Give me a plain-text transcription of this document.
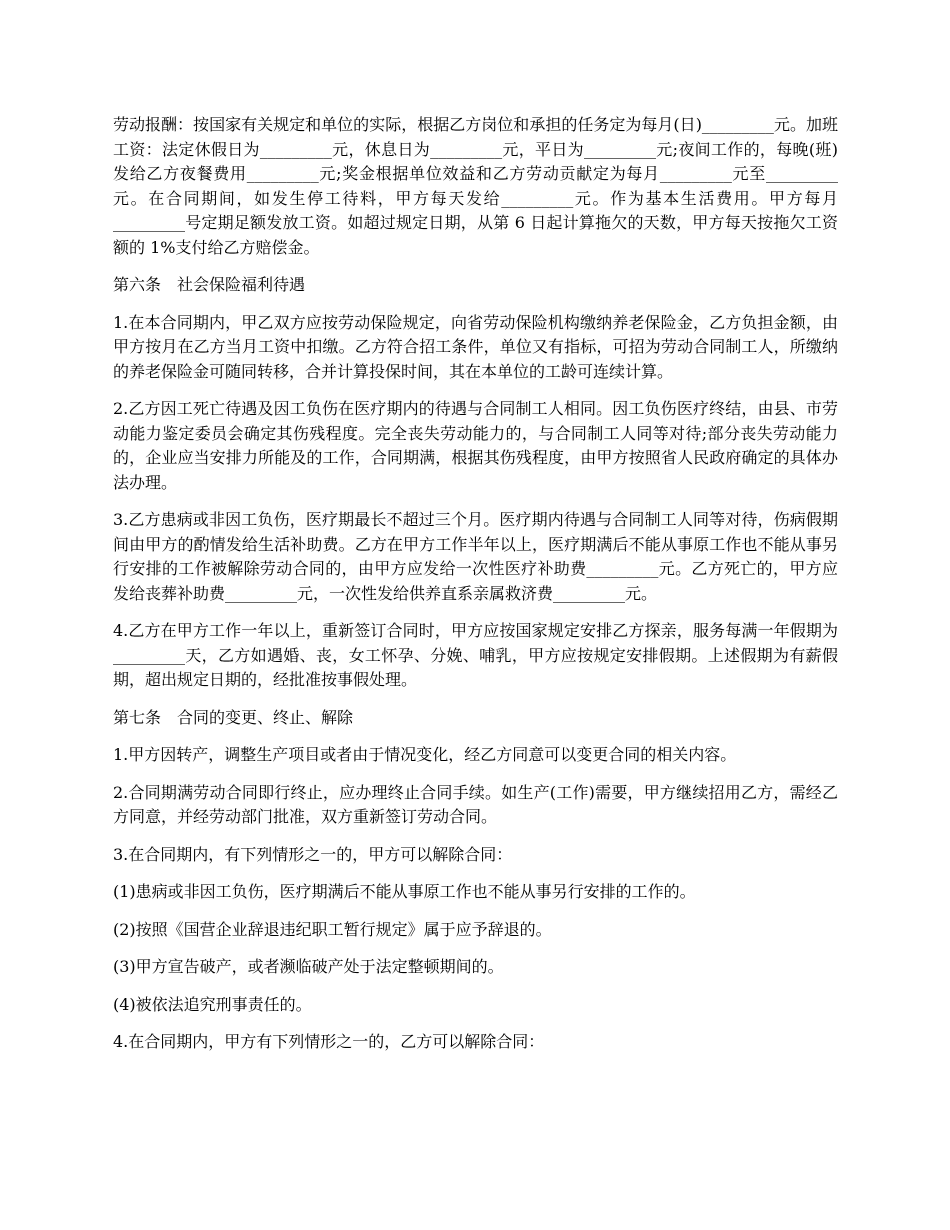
劳动报酬：按国家有关规定和单位的实际，根据乙方岗位和承担的任务定为每月(日)_________元。加班工资：法定休假日为_________元，休息日为_________元，平日为_________元;夜间工作的，每晚(班)发给乙方夜餐费用_________元;奖金根据单位效益和乙方劳动贡献定为每月_________元至_________元。在合同期间，如发生停工待料，甲方每天发给_________元。作为基本生活费用。甲方每月 _________号定期足额发放工资。如超过规定日期，从第 6 日起计算拖欠的天数，甲方每天按拖欠工资额的 1%支付给乙方赔偿金。

第六条　社会保险福利待遇

1.在本合同期内，甲乙双方应按劳动保险规定，向省劳动保险机构缴纳养老保险金，乙方负担金额，由甲方按月在乙方当月工资中扣缴。乙方符合招工条件，单位又有指标，可招为劳动合同制工人，所缴纳的养老保险金可随同转移，合并计算投保时间，其在本单位的工龄可连续计算。

2.乙方因工死亡待遇及因工负伤在医疗期内的待遇与合同制工人相同。因工负伤医疗终结，由县、市劳动能力鉴定委员会确定其伤残程度。完全丧失劳动能力的，与合同制工人同等对待;部分丧失劳动能力的，企业应当安排力所能及的工作，合同期满，根据其伤残程度，由甲方按照省人民政府确定的具体办法办理。

3.乙方患病或非因工负伤，医疗期最长不超过三个月。医疗期内待遇与合同制工人同等对待，伤病假期间由甲方的酌情发给生活补助费。乙方在甲方工作半年以上，医疗期满后不能从事原工作也不能从事另行安排的工作被解除劳动合同的，由甲方应发给一次性医疗补助费_________元。乙方死亡的，甲方应发给丧葬补助费_________元，一次性发给供养直系亲属救济费_________元。

4.乙方在甲方工作一年以上，重新签订合同时，甲方应按国家规定安排乙方探亲，服务每满一年假期为_________天，乙方如遇婚、丧，女工怀孕、分娩、哺乳，甲方应按规定安排假期。上述假期为有薪假期，超出规定日期的，经批准按事假处理。

第七条　合同的变更、终止、解除

1.甲方因转产，调整生产项目或者由于情况变化，经乙方同意可以变更合同的相关内容。

2.合同期满劳动合同即行终止，应办理终止合同手续。如生产(工作)需要，甲方继续招用乙方，需经乙方同意，并经劳动部门批准，双方重新签订劳动合同。

3.在合同期内，有下列情形之一的，甲方可以解除合同：

(1)患病或非因工负伤，医疗期满后不能从事原工作也不能从事另行安排的工作的。

(2)按照《国营企业辞退违纪职工暂行规定》属于应予辞退的。

(3)甲方宣告破产，或者濒临破产处于法定整顿期间的。

(4)被依法追究刑事责任的。

4.在合同期内，甲方有下列情形之一的，乙方可以解除合同：
